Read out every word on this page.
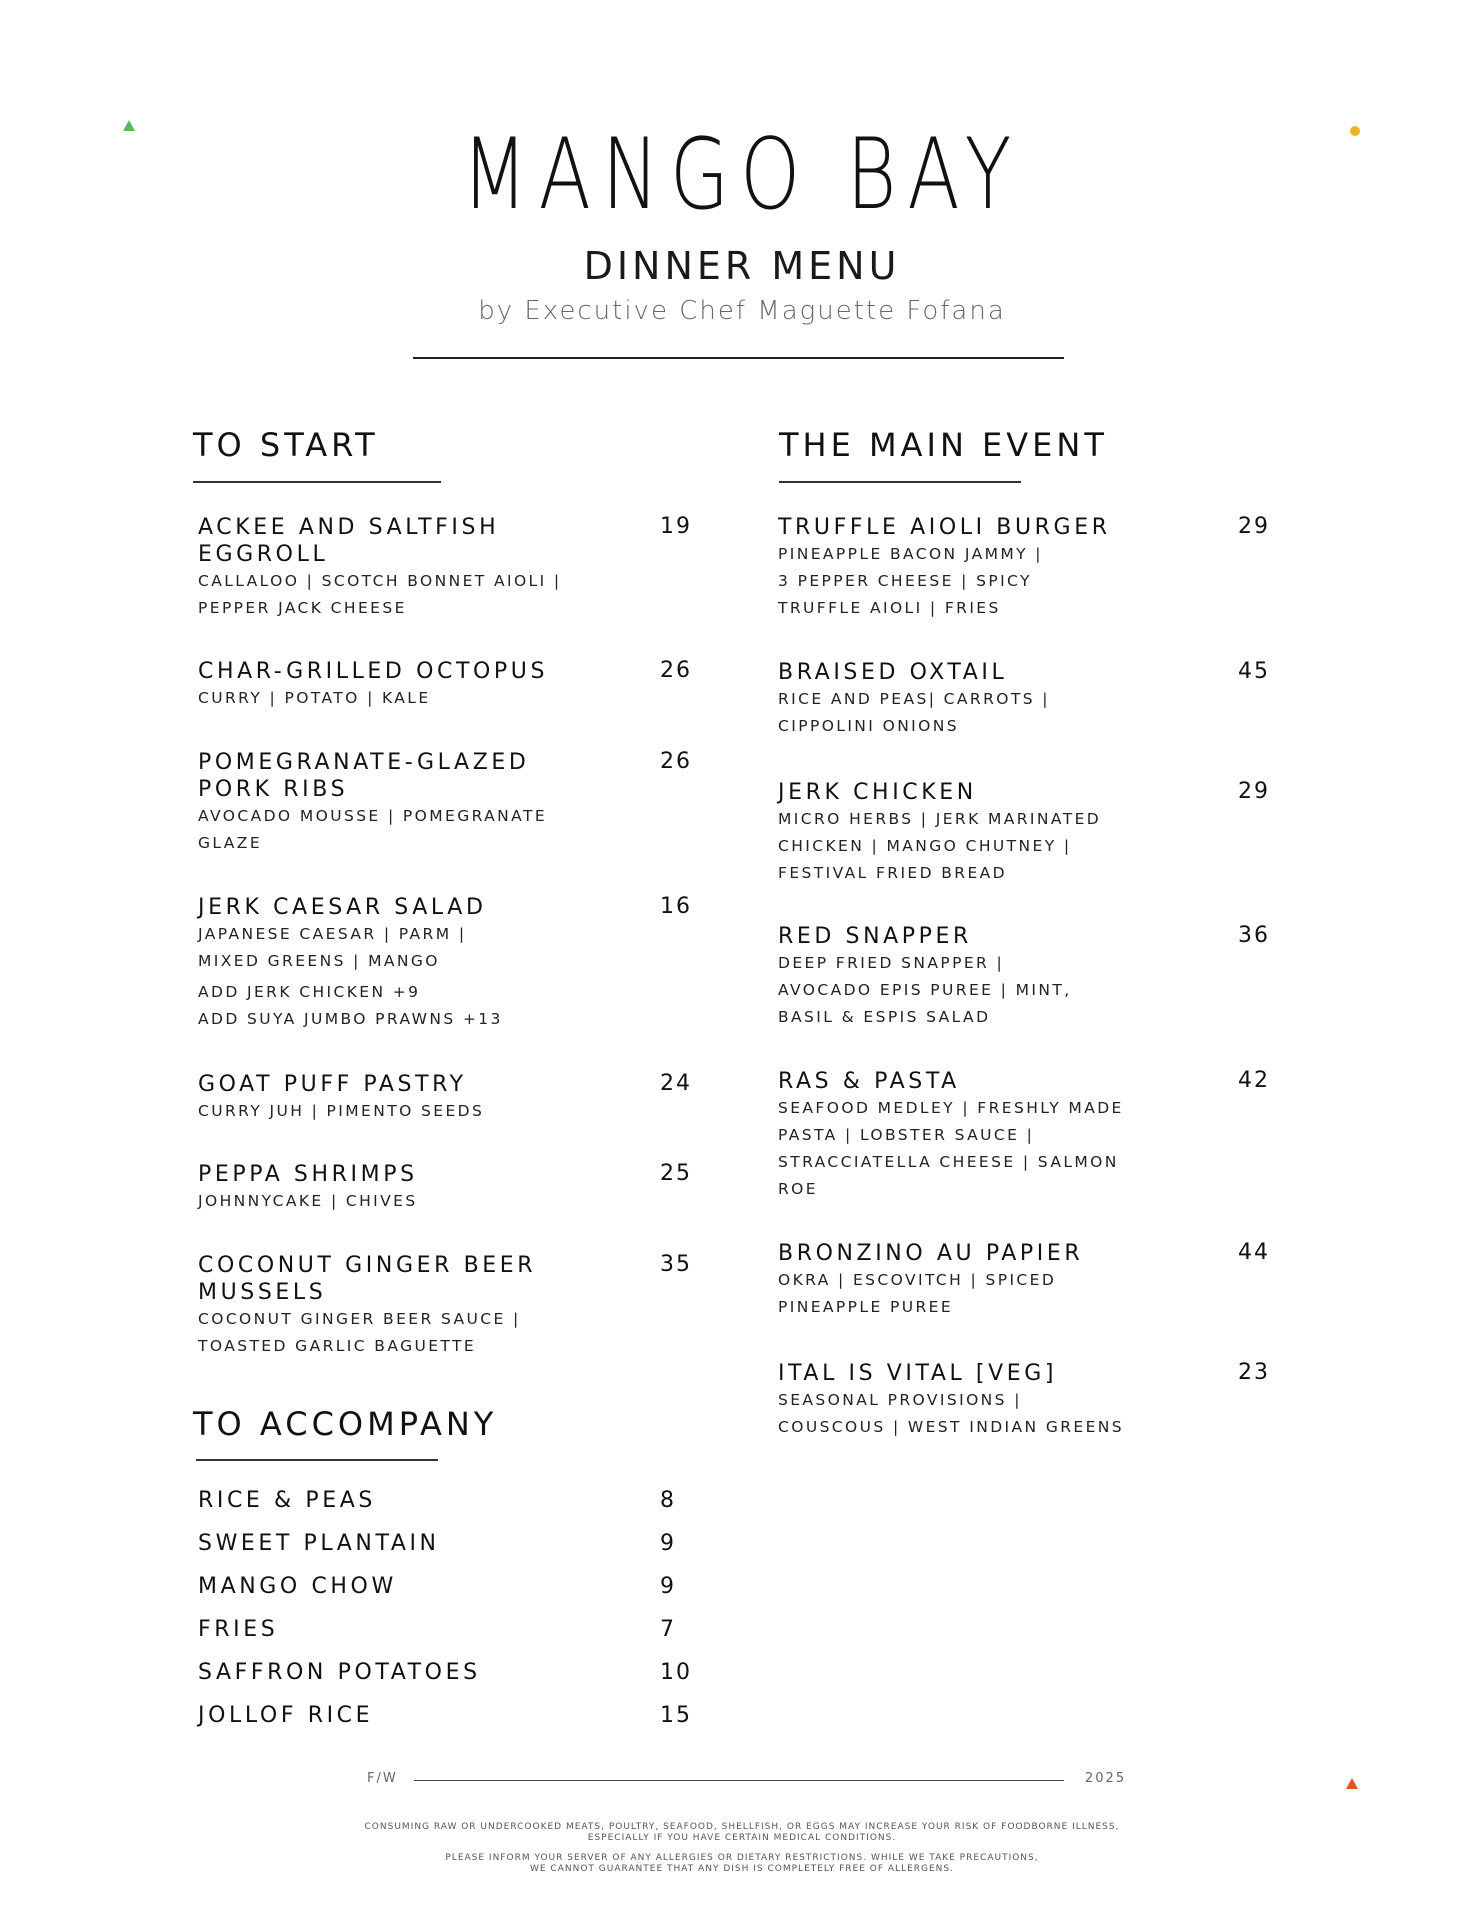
MANGO BAY
DINNER MENU
by Executive Chef Maguette Fofana
TO START
19
ACKEE AND SALTFISH
EGGROLL
CALLALOO | SCOTCH BONNET AIOLI |
PEPPER JACK CHEESE
26
CHAR-GRILLED OCTOPUS
CURRY | POTATO | KALE
26
POMEGRANATE-GLAZED
PORK RIBS
AVOCADO MOUSSE | POMEGRANATE
GLAZE
16
JERK CAESAR SALAD
JAPANESE CAESAR | PARM |
MIXED GREENS | MANGO
ADD JERK CHICKEN +9
ADD SUYA JUMBO PRAWNS +13
24
GOAT PUFF PASTRY
CURRY JUH | PIMENTO SEEDS
25
PEPPA SHRIMPS
JOHNNYCAKE | CHIVES
35
COCONUT GINGER BEER
MUSSELS
COCONUT GINGER BEER SAUCE |
TOASTED GARLIC BAGUETTE
TO ACCOMPANY
RICE & PEAS	8
SWEET PLANTAIN	9
MANGO CHOW	9
FRIES	7
SAFFRON POTATOES	10
JOLLOF RICE	15
THE MAIN EVENT
29
TRUFFLE AIOLI BURGER
PINEAPPLE BACON JAMMY |
3 PEPPER CHEESE | SPICY
TRUFFLE AIOLI | FRIES
45
BRAISED OXTAIL
RICE AND PEAS| CARROTS |
CIPPOLINI ONIONS
29
JERK CHICKEN
MICRO HERBS | JERK MARINATED
CHICKEN | MANGO CHUTNEY |
FESTIVAL FRIED BREAD
36
RED SNAPPER
DEEP FRIED SNAPPER |
AVOCADO EPIS PUREE | MINT,
BASIL & ESPIS SALAD
42
RAS & PASTA
SEAFOOD MEDLEY | FRESHLY MADE
PASTA | LOBSTER SAUCE |
STRACCIATELLA CHEESE | SALMON
ROE
44
BRONZINO AU PAPIER
OKRA | ESCOVITCH | SPICED
PINEAPPLE PUREE
23
ITAL IS VITAL [VEG]
SEASONAL PROVISIONS |
COUSCOUS | WEST INDIAN GREENS
F/W	2025
CONSUMING RAW OR UNDERCOOKED MEATS, POULTRY, SEAFOOD, SHELLFISH, OR EGGS MAY INCREASE YOUR RISK OF FOODBORNE ILLNESS,
ESPECIALLY IF YOU HAVE CERTAIN MEDICAL CONDITIONS.
PLEASE INFORM YOUR SERVER OF ANY ALLERGIES OR DIETARY RESTRICTIONS. WHILE WE TAKE PRECAUTIONS,
WE CANNOT GUARANTEE THAT ANY DISH IS COMPLETELY FREE OF ALLERGENS.
